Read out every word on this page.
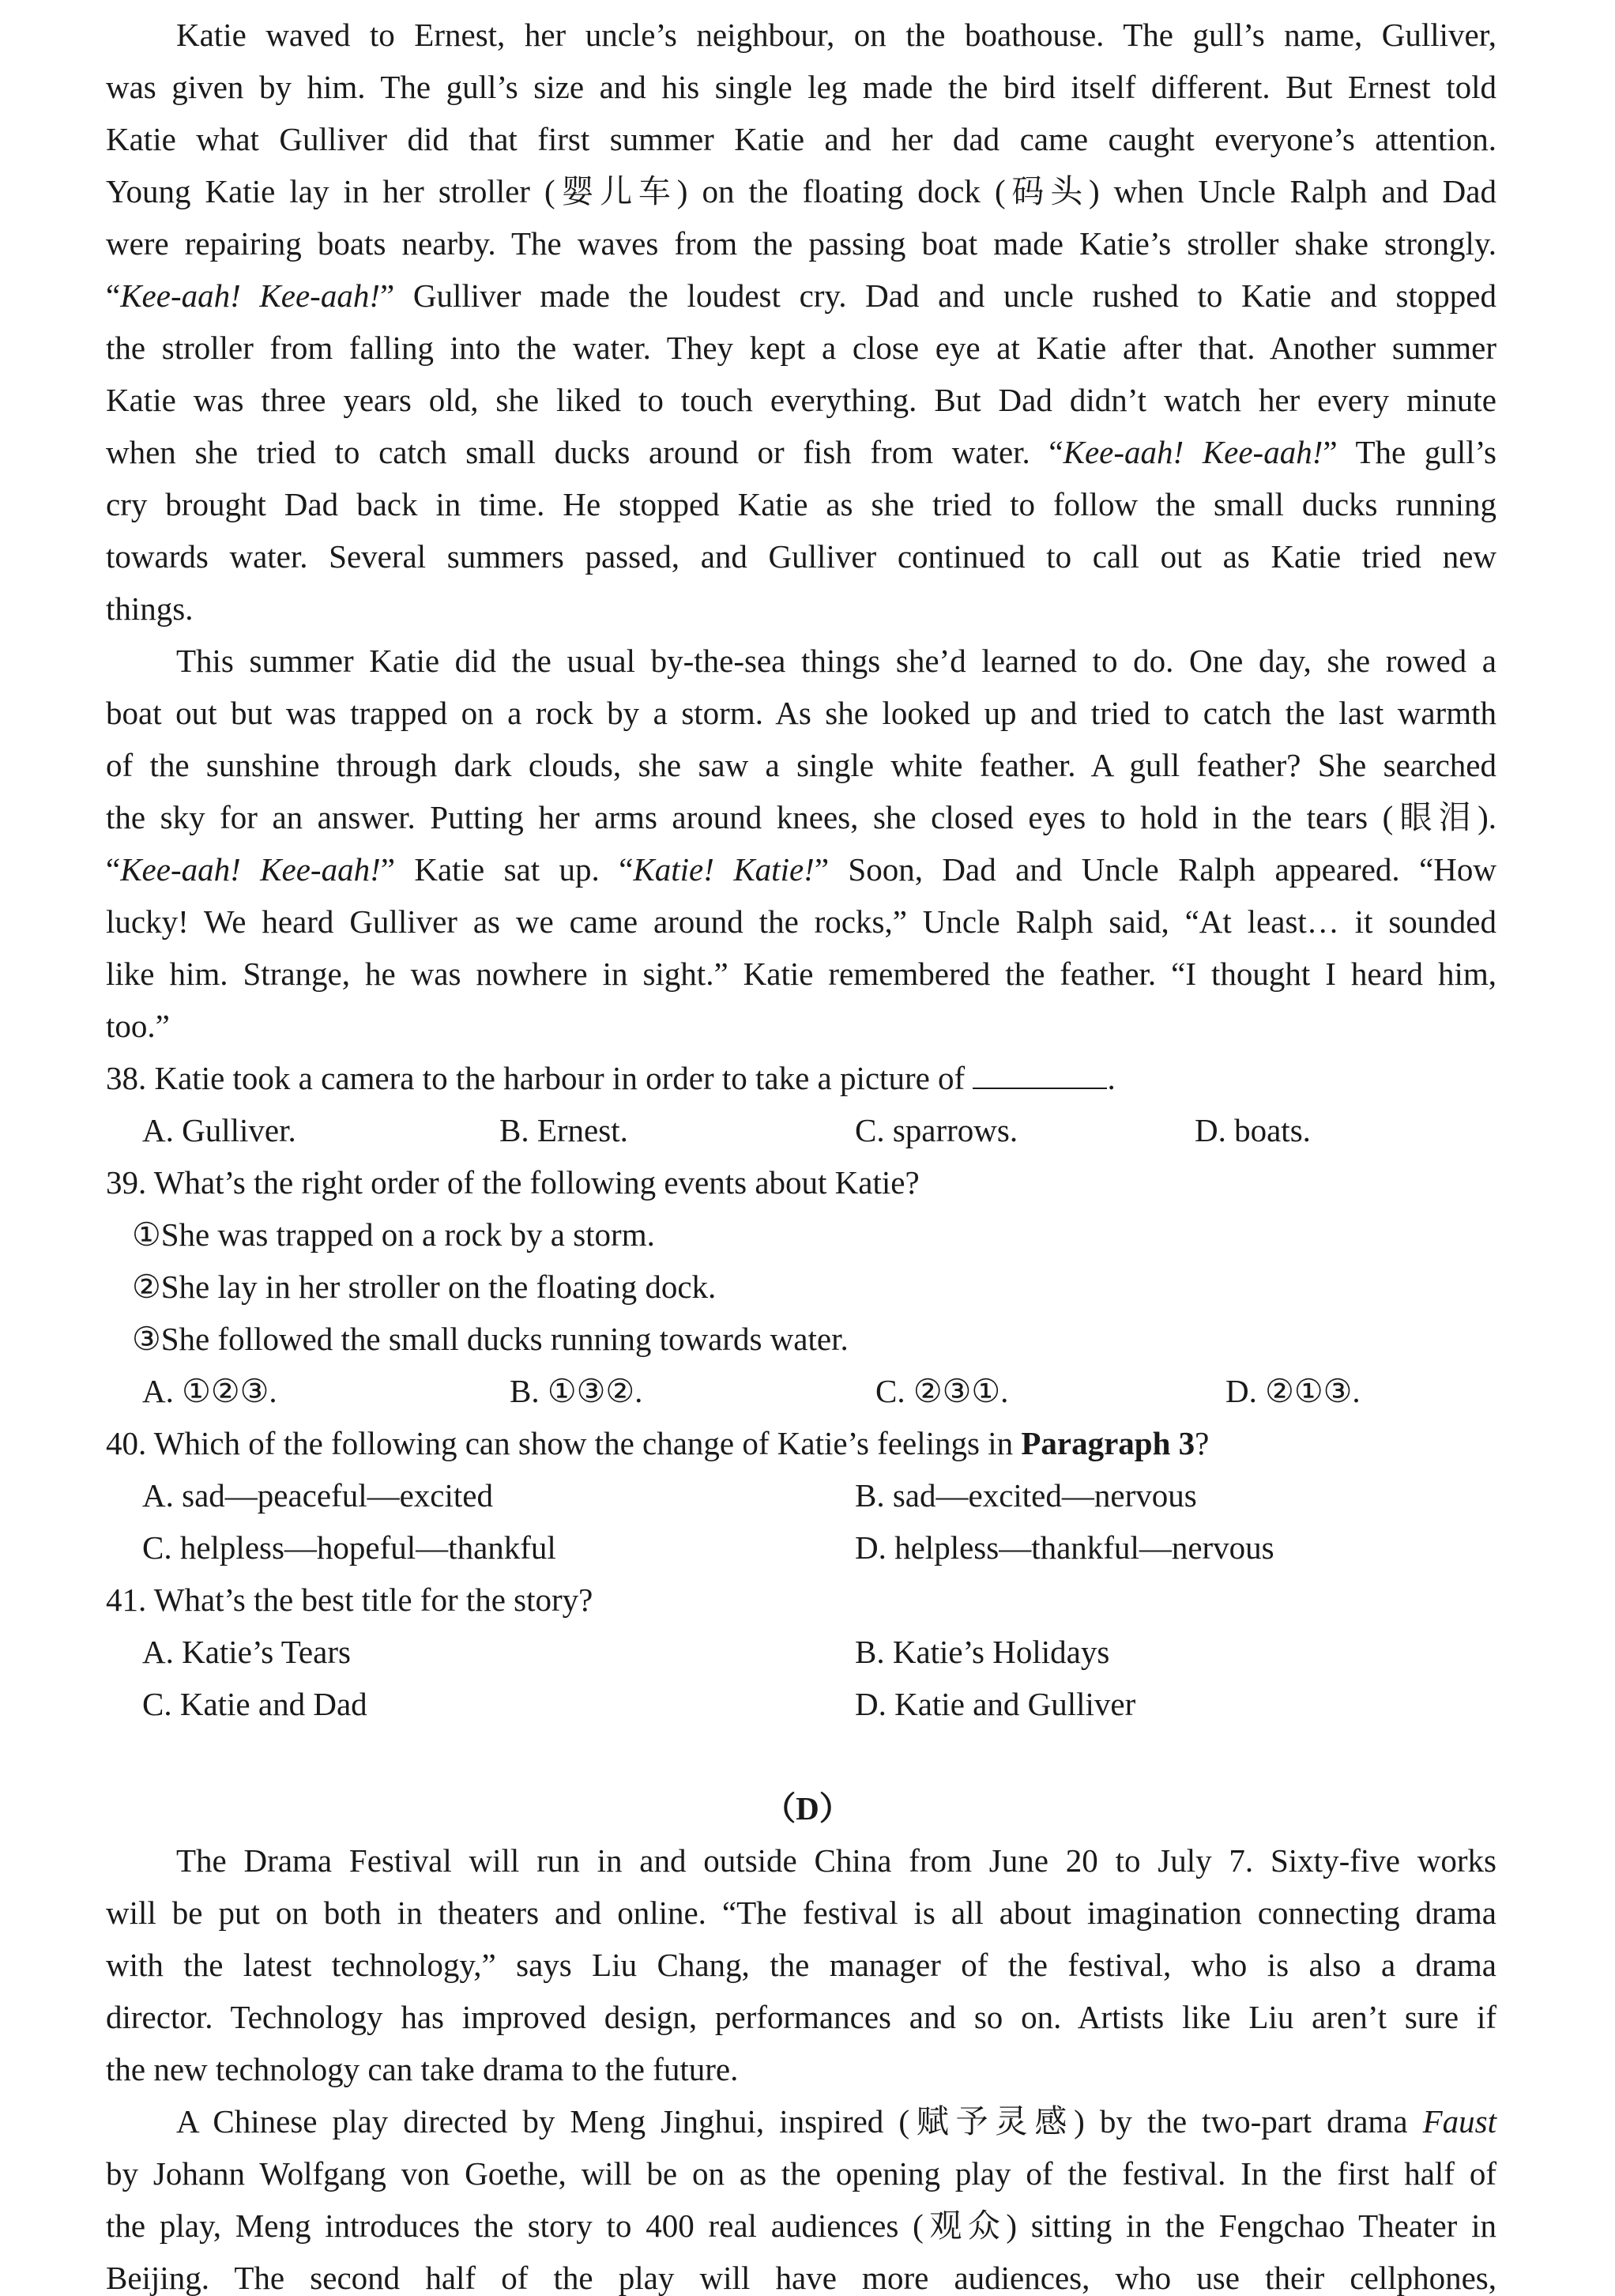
Katie waved to Ernest, her uncle’s neighbour, on the boathouse. The gull’s name, Gulliver,
was given by him. The gull’s size and his single leg made the bird itself different. But Ernest told
Katie what Gulliver did that first summer Katie and her dad came caught everyone’s attention.
Young Katie lay in her stroller (婴儿车) on the floating dock (码头) when Uncle Ralph and Dad
were repairing boats nearby. The waves from the passing boat made Katie’s stroller shake strongly.
“Kee-aah! Kee-aah!” Gulliver made the loudest cry. Dad and uncle rushed to Katie and stopped
the stroller from falling into the water. They kept a close eye at Katie after that. Another summer
Katie was three years old, she liked to touch everything. But Dad didn’t watch her every minute
when she tried to catch small ducks around or fish from water. “Kee-aah! Kee-aah!” The gull’s
cry brought Dad back in time. He stopped Katie as she tried to follow the small ducks running
towards water. Several summers passed, and Gulliver continued to call out as Katie tried new
things.
This summer Katie did the usual by-the-sea things she’d learned to do. One day, she rowed a
boat out but was trapped on a rock by a storm. As she looked up and tried to catch the last warmth
of the sunshine through dark clouds, she saw a single white feather. A gull feather? She searched
the sky for an answer. Putting her arms around knees, she closed eyes to hold in the tears (眼泪).
“Kee-aah! Kee-aah!” Katie sat up. “Katie! Katie!” Soon, Dad and Uncle Ralph appeared. “How
lucky! We heard Gulliver as we came around the rocks,” Uncle Ralph said, “At least… it sounded
like him. Strange, he was nowhere in sight.” Katie remembered the feather. “I thought I heard him,
too.”
38. Katie took a camera to the harbour in order to take a picture of	.
A. Gulliver.	B. Ernest.	C. sparrows.	D. boats.
39. What’s the right order of the following events about Katie?
①She was trapped on a rock by a storm.
②She lay in her stroller on the floating dock.
③She followed the small ducks running towards water.
A. ①②③.	B. ①③②.	C. ②③①.	D. ②①③.
40. Which of the following can show the change of Katie’s feelings in Paragraph 3?
A. sad—peaceful—excited	B. sad—excited—nervous
C. helpless—hopeful—thankful	D. helpless—thankful—nervous
41. What’s the best title for the story?
A. Katie’s Tears	B. Katie’s Holidays
C. Katie and Dad	D. Katie and Gulliver
（D）
The Drama Festival will run in and outside China from June 20 to July 7. Sixty-five works
will be put on both in theaters and online. “The festival is all about imagination connecting drama
with the latest technology,” says Liu Chang, the manager of the festival, who is also a drama
director. Technology has improved design, performances and so on. Artists like Liu aren’t sure if
the new technology can take drama to the future.
A Chinese play directed by Meng Jinghui, inspired (赋予灵感) by the two-part drama Faust
by Johann Wolfgang von Goethe, will be on as the opening play of the festival. In the first half of
the play, Meng introduces the story to 400 real audiences (观众) sitting in the Fengchao Theater in
Beijing. The second half of the play will have more audiences, who use their cellphones,
